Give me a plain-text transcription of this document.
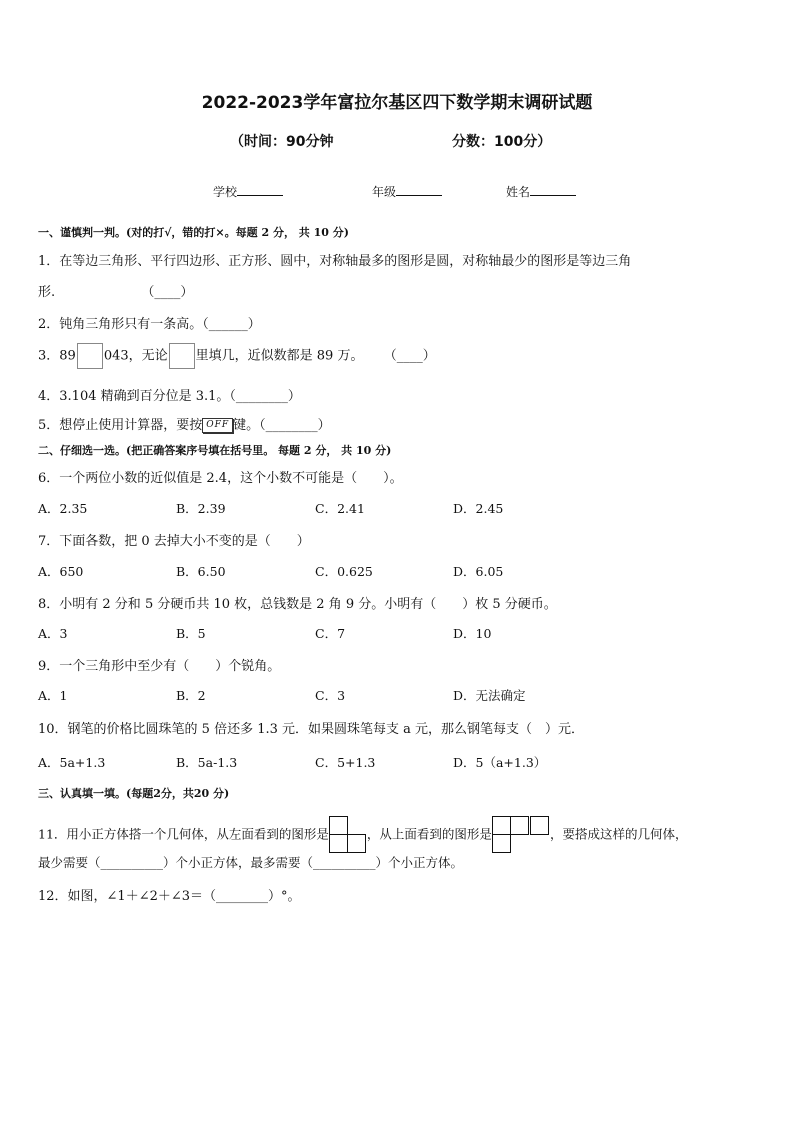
2022-2023学年富拉尔基区四下数学期末调研试题
（时间：90分钟	分数：100分）
学校	年级	姓名
一、谨慎判一判。(对的打√，错的打×。每题 2 分， 共 10 分)
1．在等边三角形、平行四边形、正方形、圆中，对称轴最多的图形是圆，对称轴最少的图形是等边三角
形.	（____）
2．钝角三角形只有一条高。（______）
3．89 043，无论 里填几，近似数都是 89 万。 （____）
4．3.104 精确到百分位是 3.1。（________）
5．想停止使用计算器，要按 OFF 键。（________）
二、仔细选一选。(把正确答案序号填在括号里。 每题 2 分， 共 10 分)
6．一个两位小数的近似值是 2.4，这个小数不可能是（　　）。
A．2.35	B．2.39	C．2.41	D．2.45
7．下面各数，把 0 去掉大小不变的是（　　）
A．650	B．6.50	C．0.625	D．6.05
8．小明有 2 分和 5 分硬币共 10 枚，总钱数是 2 角 9 分。小明有（　　）枚 5 分硬币。
A．3	B．5	C．7	D．10
9．一个三角形中至少有（　　）个锐角。
A．1	B．2	C．3	D．无法确定
10．钢笔的价格比圆珠笔的 5 倍还多 1.3 元．如果圆珠笔每支 a 元，那么钢笔每支（　）元．
A．5a+1.3	B．5a-1.3	C．5+1.3	D．5（a+1.3）
三、认真填一填。(每题2分，共20 分)
11．用小正方体搭一个几何体，从左面看到的图形是	，从上面看到的图形是	，要搭成这样的几何体，
最少需要（__________）个小正方体，最多需要（__________）个小正方体。
12．如图，∠1＋∠2＋∠3＝（________）°。
